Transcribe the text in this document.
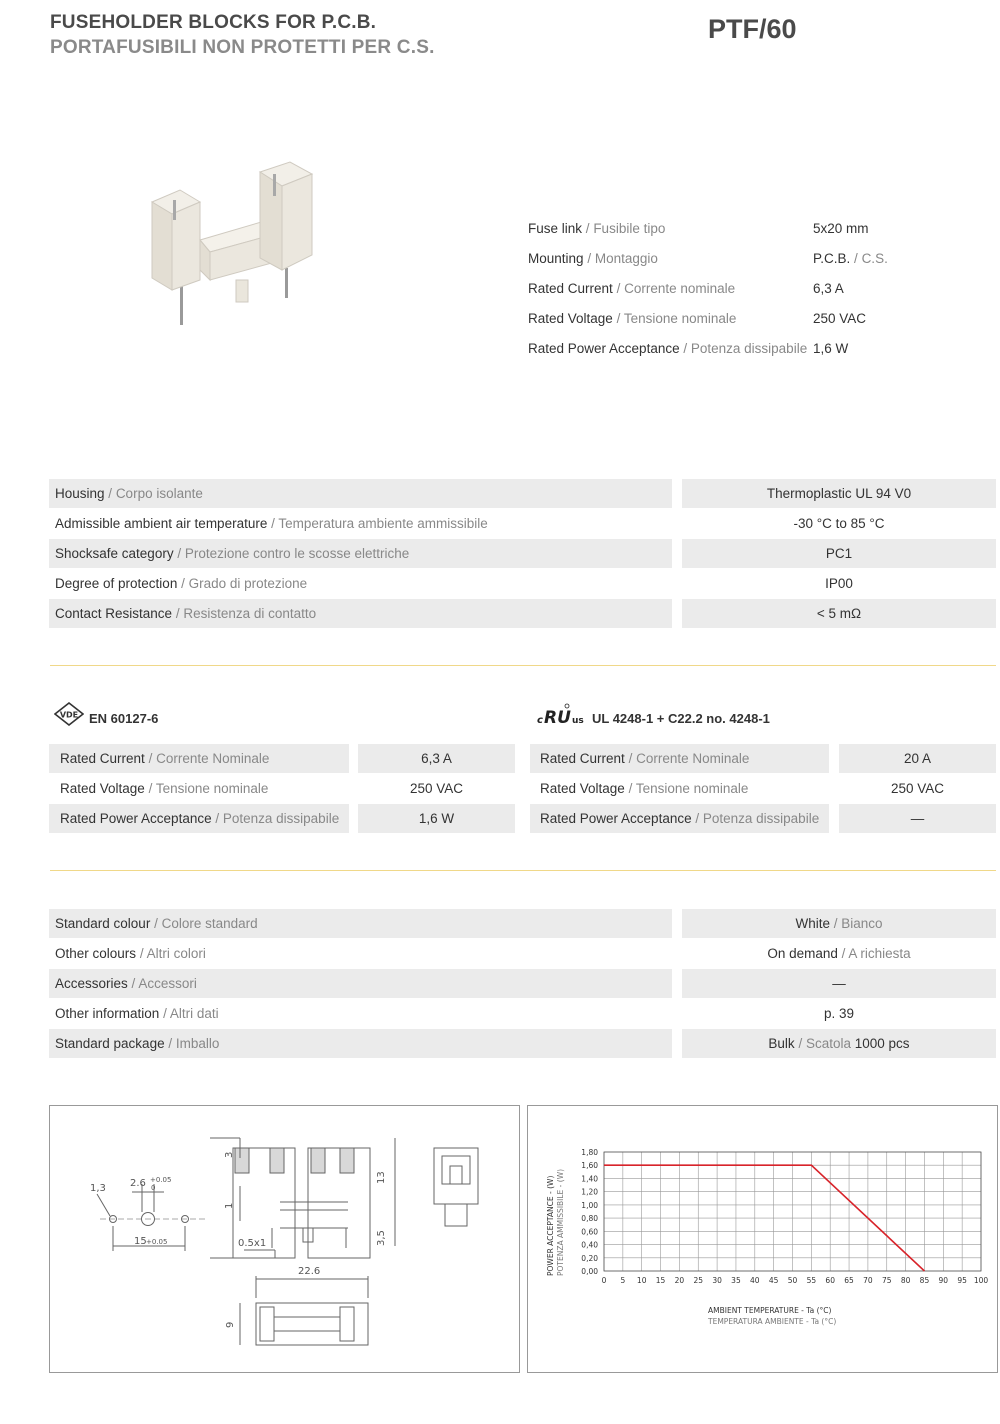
FUSEHOLDER BLOCKS FOR P.C.B.
PORTAFUSIBILI NON PROTETTI PER C.S.
PTF/60
Fuse link / Fusibile tipo	5x20 mm
Mounting / Montaggio	P.C.B. / C.S.
Rated Current / Corrente nominale	6,3 A
Rated Voltage / Tensione nominale	250 VAC
Rated Power Acceptance / Potenza dissipabile 1,6 W
Housing / Corpo isolante	Thermoplastic UL 94 V0
Admissible ambient air temperature / Temperatura ambiente ammissibile	-30 °C to 85 °C
Shocksafe category / Protezione contro le scosse elettriche	PC1
Degree of protection / Grado di protezione	IP00
Contact Resistance / Resistenza di contatto	< 5 mΩ
VDE EN 60127-6	c RU us UL 4248-1 + C22.2 no. 4248-1
Rated Current / Corrente Nominale	6,3 A	Rated Current / Corrente Nominale	20 A
Rated Voltage / Tensione nominale	250 VAC	Rated Voltage / Tensione nominale	250 VAC
Rated Power Acceptance / Potenza dissipabile	1,6 W	Rated Power Acceptance / Potenza dissipabile	—
Standard colour / Colore standard	White / Bianco
Other colours / Altri colori	On demand / A richiesta
Accessories / Accessori	—
Other information / Altri dati	p. 39
Standard package / Imballo	Bulk / Scatola 1000 pcs
1,3 2.6 +0.05
0
15 +0.05
3
1
13
3,5
0.5x1
22.6
9
0 5 10 15 20 25 30 35 40 45 50 55 60 65 70 75 80 85 90 95 100
0,00
0,20
0,40
0,60
0,80
1,00
1,20
1,40
1,60
1,80
POWER ACCEPTANCE - (W) POTENZA AMMISSIBILE - (W)
AMBIENT TEMPERATURE - Ta (°C)
TEMPERATURA AMBIENTE - Ta (°C)
